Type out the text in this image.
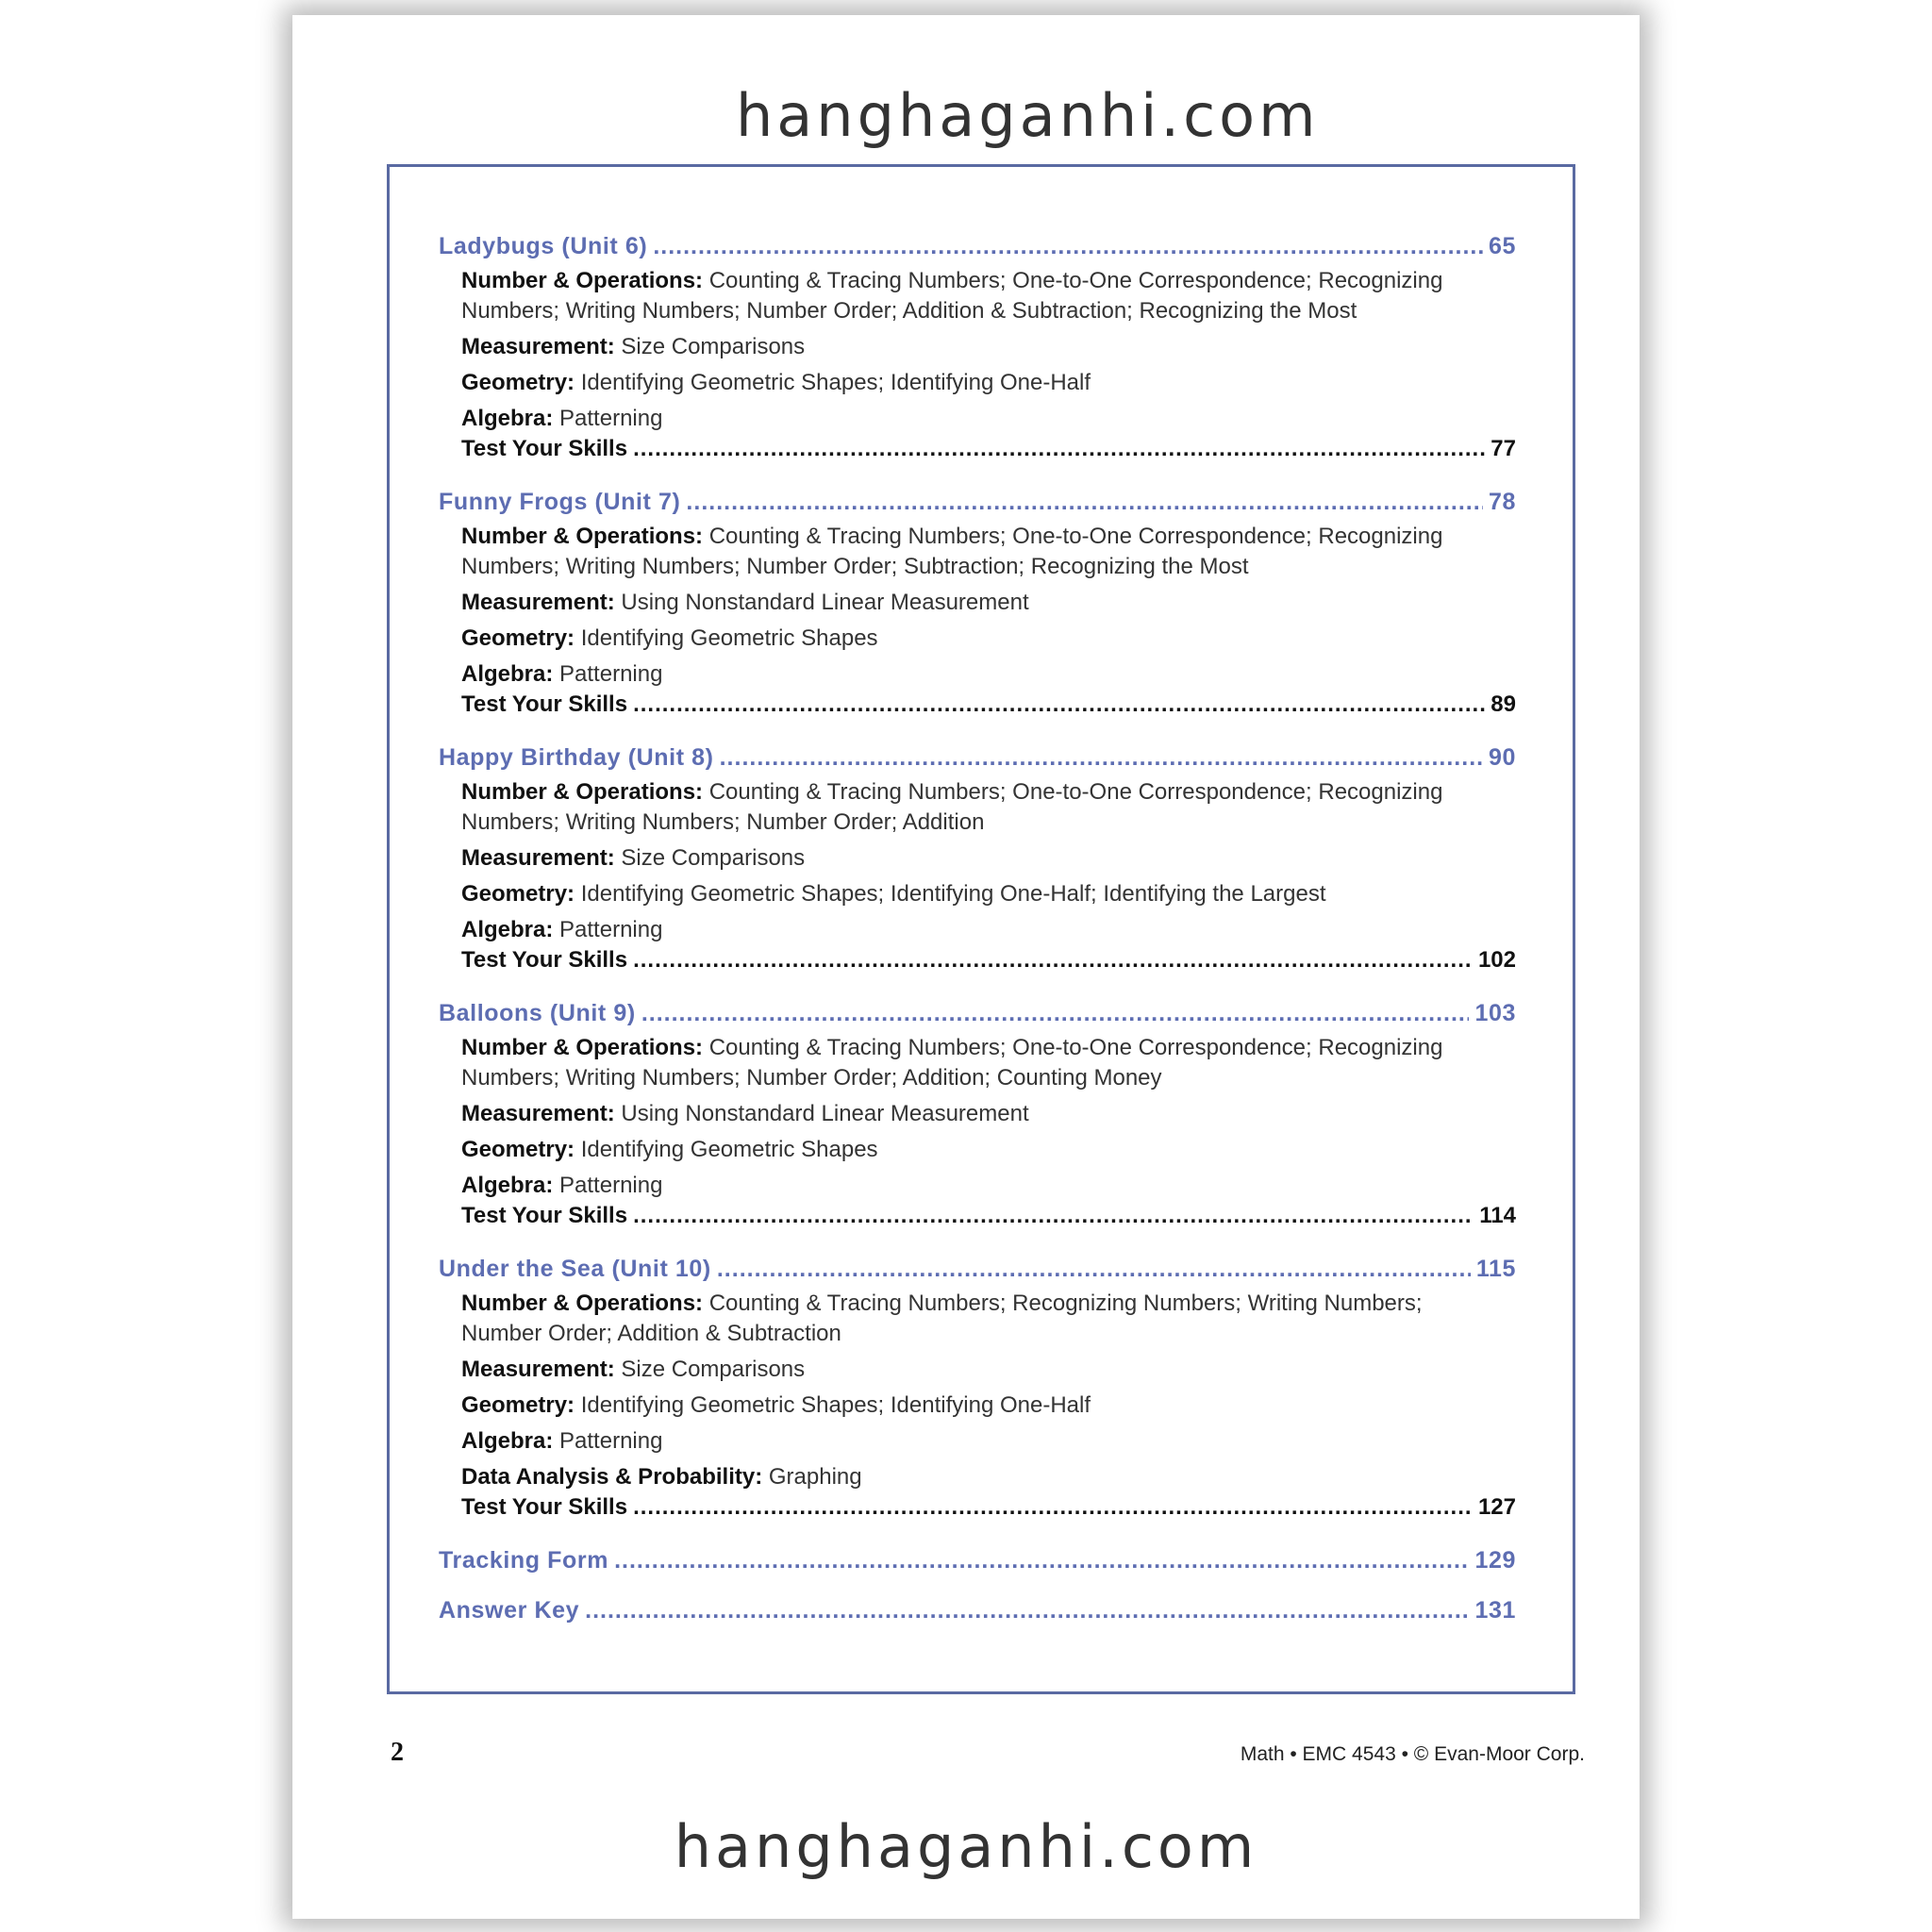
hanghaganhi.com
Ladybugs (Unit 6) .....	65
Number & Operations: Counting & Tracing Numbers; One-to-One Correspondence; Recognizing Numbers; Writing Numbers; Number Order; Addition & Subtraction; Recognizing the Most
Measurement: Size Comparisons
Geometry: Identifying Geometric Shapes; Identifying One-Half
Algebra: Patterning
Test Your Skills .....	77
Funny Frogs (Unit 7) .....	78
Number & Operations: Counting & Tracing Numbers; One-to-One Correspondence; Recognizing Numbers; Writing Numbers; Number Order; Subtraction; Recognizing the Most
Measurement: Using Nonstandard Linear Measurement
Geometry: Identifying Geometric Shapes
Algebra: Patterning
Test Your Skills .....	89
Happy Birthday (Unit 8) .....	90
Number & Operations: Counting & Tracing Numbers; One-to-One Correspondence; Recognizing Numbers; Writing Numbers; Number Order; Addition
Measurement: Size Comparisons
Geometry: Identifying Geometric Shapes; Identifying One-Half; Identifying the Largest
Algebra: Patterning
Test Your Skills .....	102
Balloons (Unit 9) .....	103
Number & Operations: Counting & Tracing Numbers; One-to-One Correspondence; Recognizing Numbers; Writing Numbers; Number Order; Addition; Counting Money
Measurement: Using Nonstandard Linear Measurement
Geometry: Identifying Geometric Shapes
Algebra: Patterning
Test Your Skills .....	114
Under the Sea (Unit 10) .....	115
Number & Operations: Counting & Tracing Numbers; Recognizing Numbers; Writing Numbers; Number Order; Addition & Subtraction
Measurement: Size Comparisons
Geometry: Identifying Geometric Shapes; Identifying One-Half
Algebra: Patterning
Data Analysis & Probability: Graphing
Test Your Skills .....	127
Tracking Form .....	129
Answer Key .....	131
2	Math • EMC 4543 • © Evan-Moor Corp.
hanghaganhi.com
